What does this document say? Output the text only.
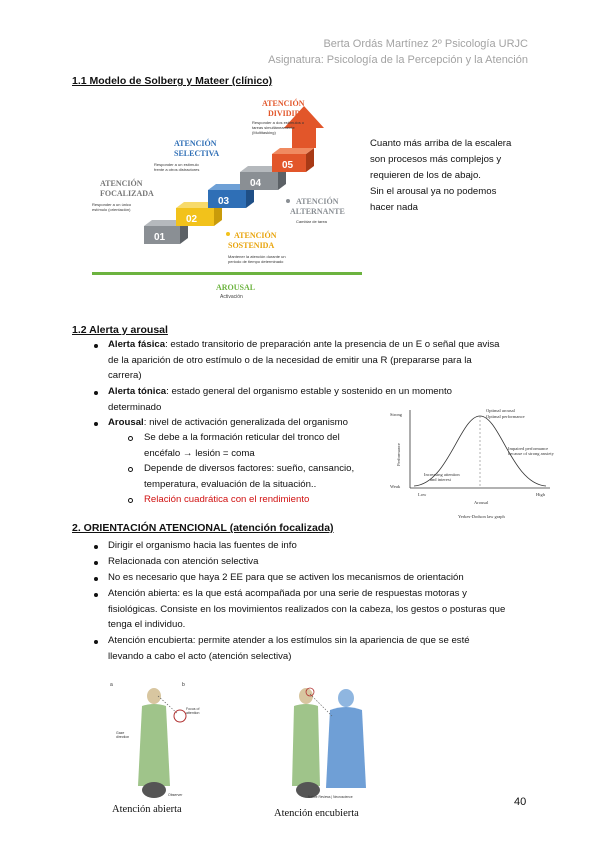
Berta Ordás Martínez 2º Psicología URJC
Asignatura: Psicología de la Percepción y la Atención
1.1 Modelo de Solberg y Mateer (clínico)
01
02
03
04
05
ATENCIÓN
DIVIDIDA
Responder a dos estímulos o
tareas simultáneamente
(Multitasking)
ATENCIÓN
SELECTIVA
Responder a un estímulo
frente a otros distractores
ATENCIÓN
FOCALIZADA
Responder a un único
estímulo (orientación)
ATENCIÓN
ALTERNANTE
Cambiar de tarea
ATENCIÓN
SOSTENIDA
Mantener la atención durante un
periodo de tiempo determinado
AROUSAL
Activación
Cuanto más arriba de la escalera
son procesos más complejos y
requieren de los de abajo.
Sin el arousal ya no podemos
hacer nada
1.2 Alerta y arousal
Alerta fásica: estado transitorio de preparación ante la presencia de un E o señal que avisa
de la aparición de otro estímulo o de la necesidad de emitir una R (prepararse para la
carrera)
Alerta tónica: estado general del organismo estable y sostenido en un momento
determinado
Arousal: nivel de activación generalizada del organismo
Se debe a la formación reticular del tronco del
encéfalo → lesión = coma
Depende de diversos factores: sueño, cansancio,
temperatura, evaluación de la situación..
Relación cuadrática con el rendimiento
Strong
Weak
Performance
Low	High
Arousal
Optimal arousal
Optimal performance
Impaired performance
because of strong anxiety
Increasing attention
and interest
Yerkes-Dodson law graph
2. ORIENTACIÓN ATENCIONAL (atención focalizada)
Dirigir el organismo hacia las fuentes de info
Relacionada con atención selectiva
No es necesario que haya 2 EE para que se activen los mecanismos de orientación
Atención abierta: es la que está acompañada por una serie de respuestas motoras y
fisiológicas. Consiste en los movimientos realizados con la cabeza, los gestos o posturas que
tenga el individuo.
Atención encubierta: permite atender a los estímulos sin la apariencia de que se esté
llevando a cabo el acto (atención selectiva)
a	b
Focus of
attention
Gaze
direction
Observer
Atención abierta
Nature Reviews | Neuroscience
Atención encubierta
40
